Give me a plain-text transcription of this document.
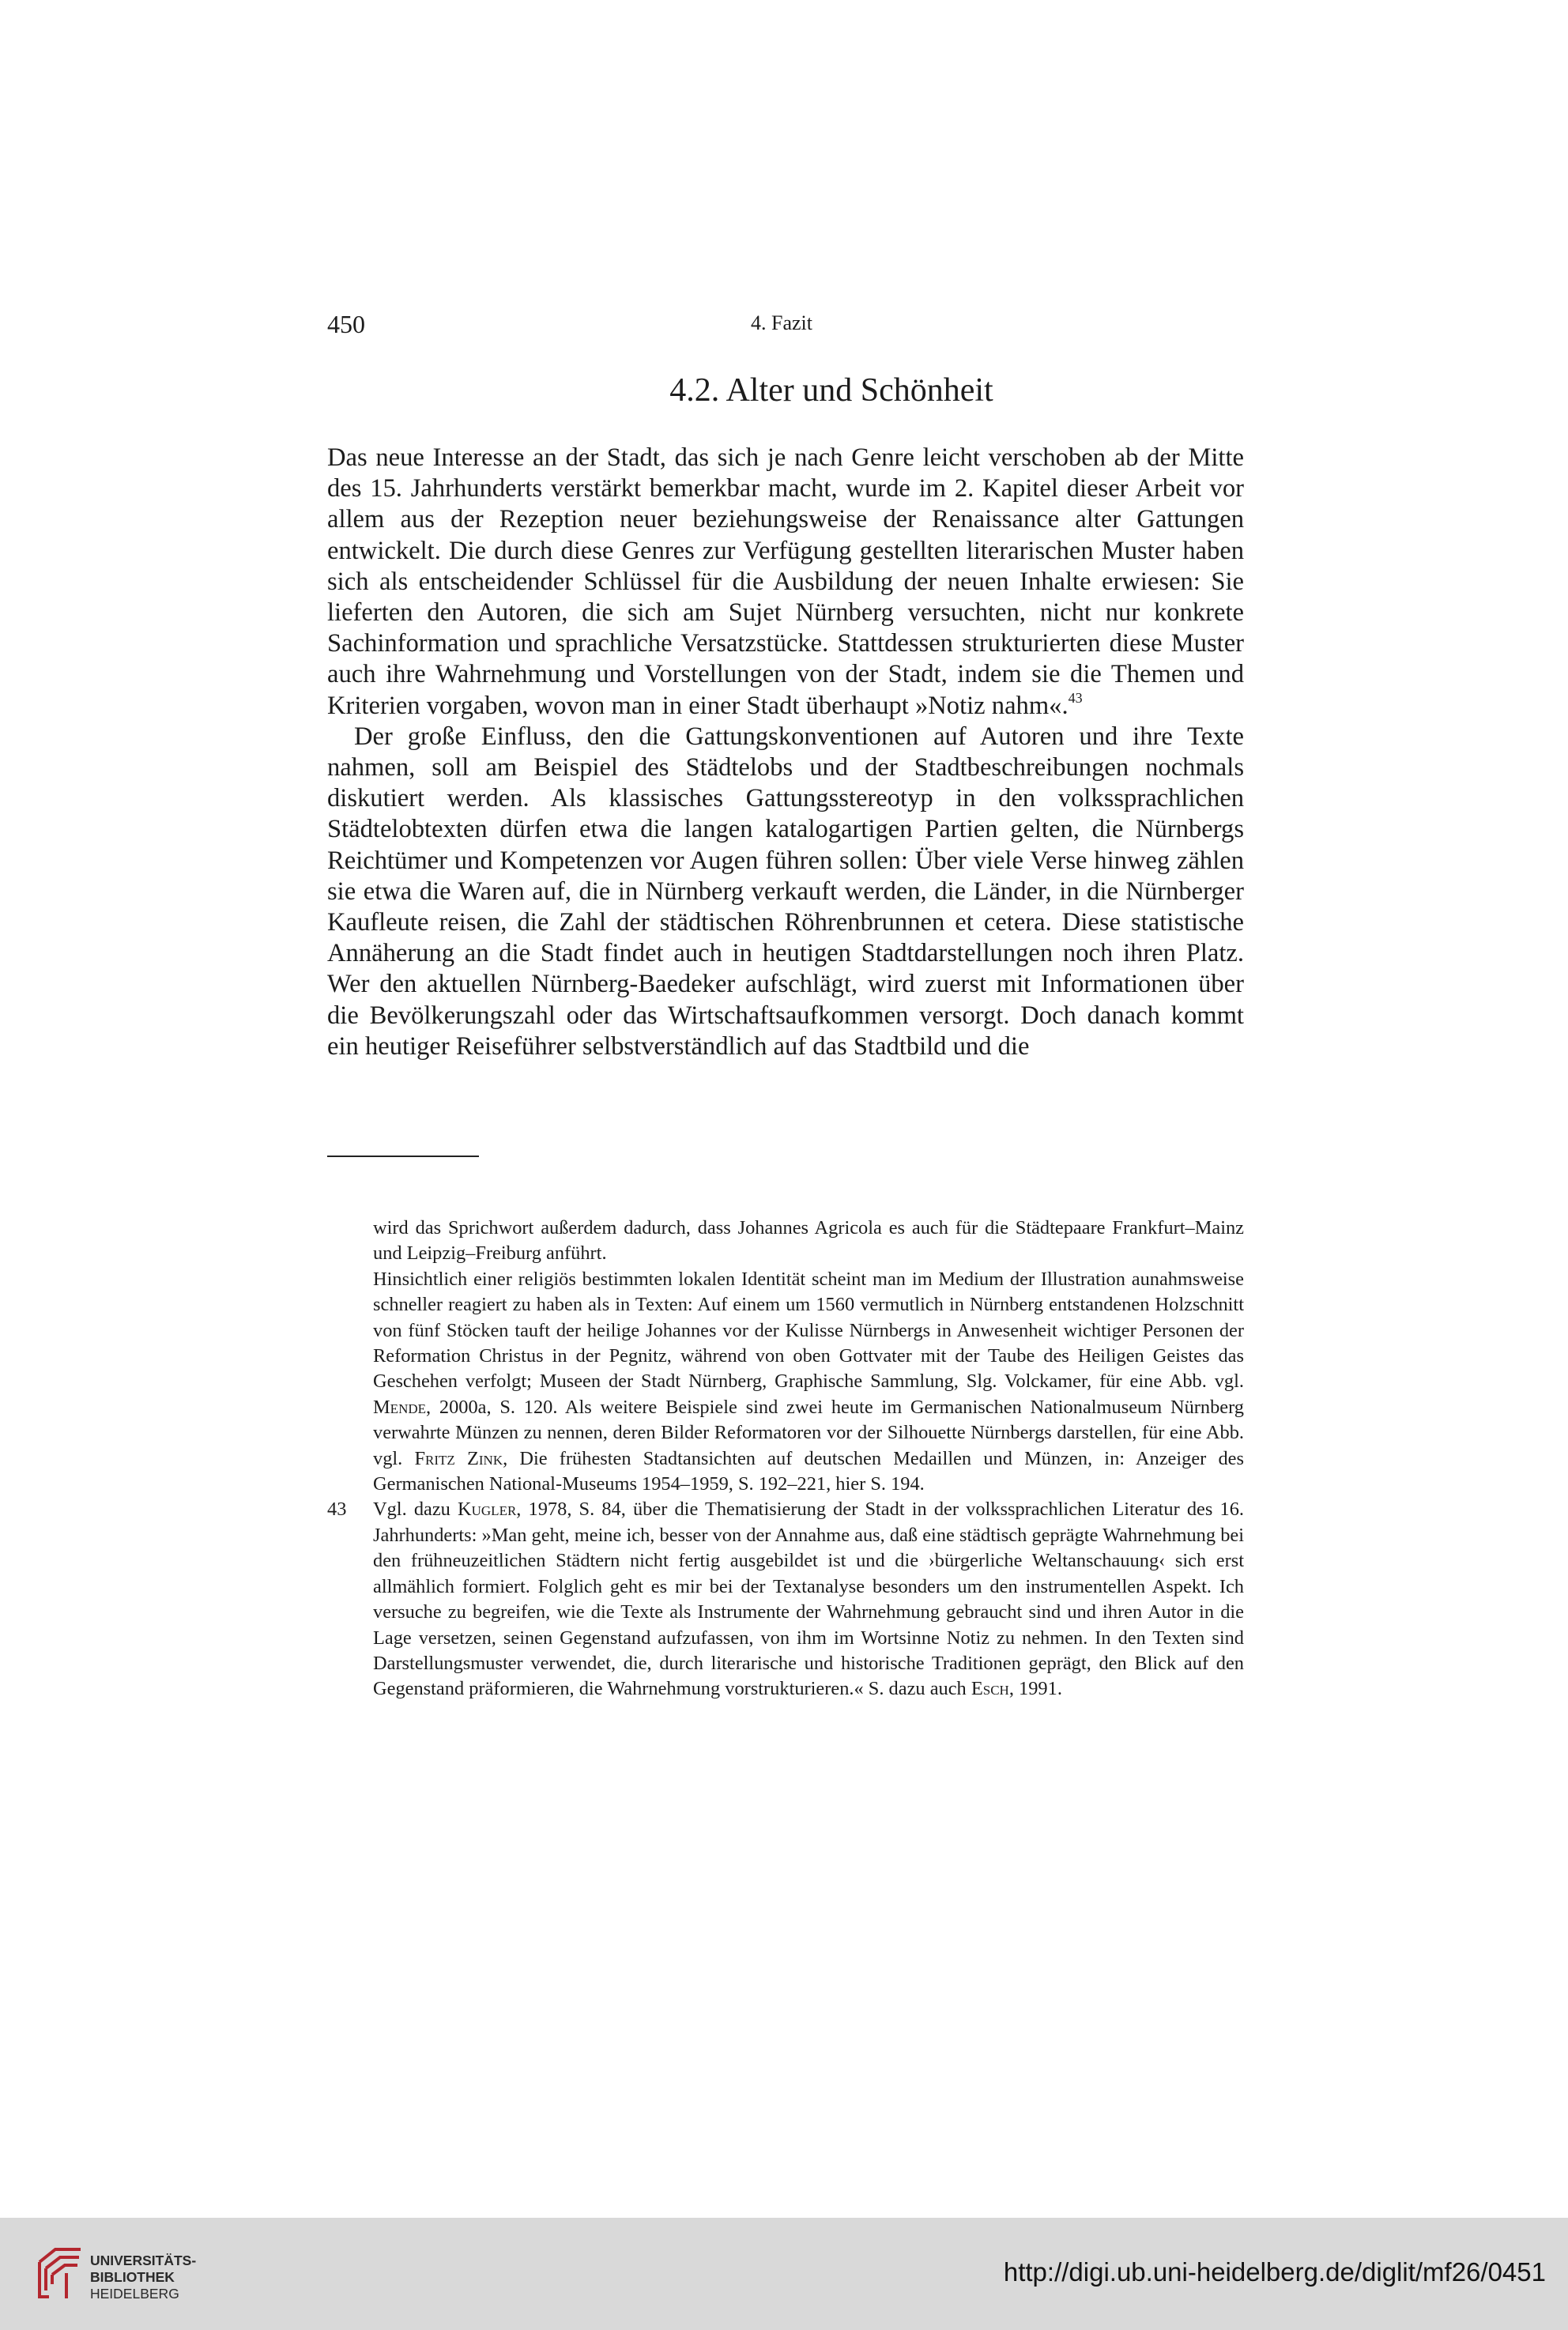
450	4. Fazit
4.2. Alter und Schönheit

Das neue Interesse an der Stadt, das sich je nach Genre leicht verschoben ab der Mitte des 15. Jahrhunderts verstärkt bemerkbar macht, wurde im 2. Kapitel dieser Arbeit vor allem aus der Rezeption neuer beziehungsweise der Renaissance alter Gattungen entwickelt. Die durch diese Genres zur Verfügung gestellten literarischen Muster haben sich als entscheidender Schlüssel für die Ausbildung der neuen Inhalte erwiesen: Sie lieferten den Autoren, die sich am Sujet Nürnberg versuchten, nicht nur konkrete Sachinformation und sprachliche Versatzstücke. Stattdessen strukturierten diese Muster auch ihre Wahrnehmung und Vorstellungen von der Stadt, indem sie die Themen und Kriterien vorgaben, wovon man in einer Stadt überhaupt »Notiz nahm«.$^{43}$

Der große Einfluss, den die Gattungskonventionen auf Autoren und ihre Texte nahmen, soll am Beispiel des Städtelobs und der Stadtbeschreibungen nochmals diskutiert werden. Als klassisches Gattungsstereotyp in den volkssprachlichen Städtelobtexten dürfen etwa die langen katalogartigen Partien gelten, die Nürnbergs Reichtümer und Kompetenzen vor Augen führen sollen: Über viele Verse hinweg zählen sie etwa die Waren auf, die in Nürnberg verkauft werden, die Länder, in die Nürnberger Kaufleute reisen, die Zahl der städtischen Röhrenbrunnen et cetera. Diese statistische Annäherung an die Stadt findet auch in heutigen Stadtdarstellungen noch ihren Platz. Wer den aktuellen Nürnberg-Baedeker aufschlägt, wird zuerst mit Informationen über die Bevölkerungszahl oder das Wirtschaftsaufkommen versorgt. Doch danach kommt ein heutiger Reiseführer selbstverständlich auf das Stadtbild und die

wird das Sprichwort außerdem dadurch, dass Johannes Agricola es auch für die Städtepaare Frankfurt–Mainz und Leipzig–Freiburg anführt.

Hinsichtlich einer religiös bestimmten lokalen Identität scheint man im Medium der Illustration aunahmsweise schneller reagiert zu haben als in Texten: Auf einem um 1560 vermutlich in Nürnberg entstandenen Holzschnitt von fünf Stöcken tauft der heilige Johannes vor der Kulisse Nürnbergs in Anwesenheit wichtiger Personen der Reformation Christus in der Pegnitz, während von oben Gottvater mit der Taube des Heiligen Geistes das Geschehen verfolgt; Museen der Stadt Nürnberg, Graphische Sammlung, Slg. Volckamer, für eine Abb. vgl. Mende, 2000a, S. 120. Als weitere Beispiele sind zwei heute im Germanischen Nationalmuseum Nürnberg verwahrte Münzen zu nennen, deren Bilder Reformatoren vor der Silhouette Nürnbergs darstellen, für eine Abb. vgl. Fritz Zink, Die frühesten Stadtansichten auf deutschen Medaillen und Münzen, in: Anzeiger des Germanischen National-Museums 1954–1959, S. 192–221, hier S. 194.

43 Vgl. dazu Kugler, 1978, S. 84, über die Thematisierung der Stadt in der volkssprachlichen Literatur des 16. Jahrhunderts: »Man geht, meine ich, besser von der Annahme aus, daß eine städtisch geprägte Wahrnehmung bei den frühneuzeitlichen Städtern nicht fertig ausgebildet ist und die ›bürgerliche Weltanschauung‹ sich erst allmählich formiert. Folglich geht es mir bei der Textanalyse besonders um den instrumentellen Aspekt. Ich versuche zu begreifen, wie die Texte als Instrumente der Wahrnehmung gebraucht sind und ihren Autor in die Lage versetzen, seinen Gegenstand aufzufassen, von ihm im Wortsinne Notiz zu nehmen. In den Texten sind Darstellungsmuster verwendet, die, durch literarische und historische Traditionen geprägt, den Blick auf den Gegenstand präformieren, die Wahrnehmung vorstrukturieren.« S. dazu auch Esch, 1991.

UNIVERSITÄTS-
BIBLIOTHEK
HEIDELBERG
http://digi.ub.uni-heidelberg.de/diglit/mf26/0451
